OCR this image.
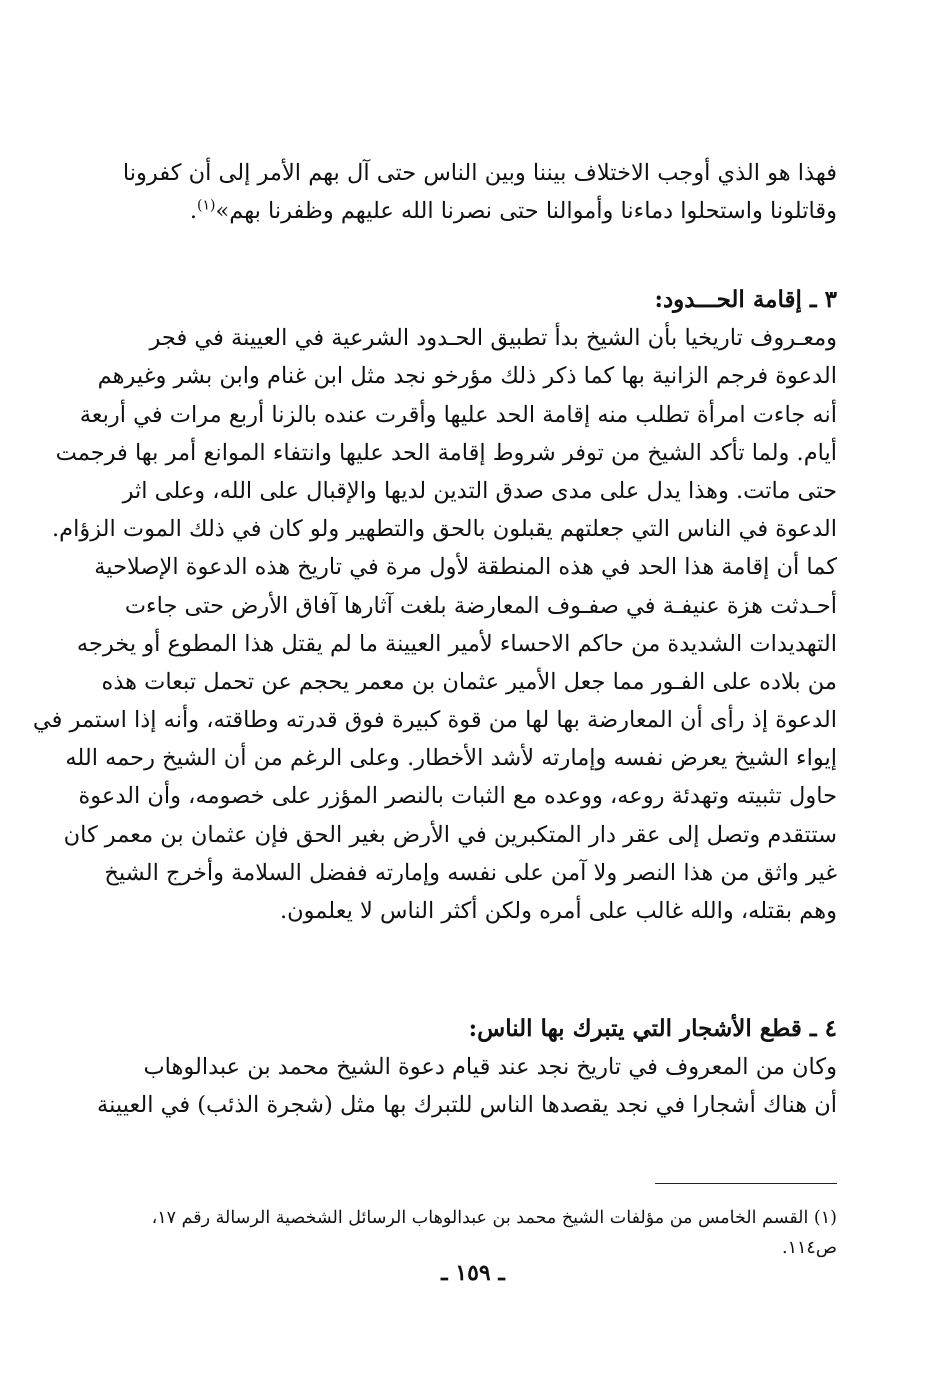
فهذا هو الذي أوجب الاختلاف بيننا وبين الناس حتى آل بهم الأمر إلى أن كفرونا
وقاتلونا واستحلوا دماءنا وأموالنا حتى نصرنا الله عليهم وظفرنا بهم»$^{(١)}$.
٣ ـ إقامة الحـــدود:
ومعـروف تاريخيا بأن الشيخ بدأ تطبيق الحـدود الشرعية في العيينة في فجر
الدعوة فرجم الزانية بها كما ذكر ذلك مؤرخو نجد مثل ابن غنام وابن بشر وغيرهم
أنه جاءت امرأة تطلب منه إقامة الحد عليها وأقرت عنده بالزنا أربع مرات في أربعة
أيام. ولما تأكد الشيخ من توفر شروط إقامة الحد عليها وانتفاء الموانع أمر بها فرجمت
حتى ماتت. وهذا يدل على مدى صدق التدين لديها والإقبال على الله، وعلى اثر
الدعوة في الناس التي جعلتهم يقبلون بالحق والتطهير ولو كان في ذلك الموت الزؤام.
كما أن إقامة هذا الحد في هذه المنطقة لأول مرة في تاريخ هذه الدعوة الإصلاحية
أحـدثت هزة عنيفـة في صفـوف المعارضة بلغت آثارها آفاق الأرض حتى جاءت
التهديدات الشديدة من حاكم الاحساء لأمير العيينة ما لم يقتل هذا المطوع أو يخرجه
من بلاده على الفـور مما جعل الأمير عثمان بن معمر يحجم عن تحمل تبعات هذه
الدعوة إذ رأى أن المعارضة بها لها من قوة كبيرة فوق قدرته وطاقته، وأنه إذا استمر في
إيواء الشيخ يعرض نفسه وإمارته لأشد الأخطار. وعلى الرغم من أن الشيخ رحمه الله
حاول تثبيته وتهدئة روعه، ووعده مع الثبات بالنصر المؤزر على خصومه، وأن الدعوة
ستتقدم وتصل إلى عقر دار المتكبرين في الأرض بغير الحق فإن عثمان بن معمر كان
غير واثق من هذا النصر ولا آمن على نفسه وإمارته ففضل السلامة وأخرج الشيخ
وهم بقتله، والله غالب على أمره ولكن أكثر الناس لا يعلمون.
٤ ـ قطع الأشجار التي يتبرك بها الناس:
وكان من المعروف في تاريخ نجد عند قيام دعوة الشيخ محمد بن عبدالوهاب
أن هناك أشجارا في نجد يقصدها الناس للتبرك بها مثل (شجرة الذئب) في العيينة
(١) القسم الخامس من مؤلفات الشيخ محمد بن عبدالوهاب الرسائل الشخصية الرسالة رقم ١٧،
ص١١٤.
ـ ١٥٩ ـ
